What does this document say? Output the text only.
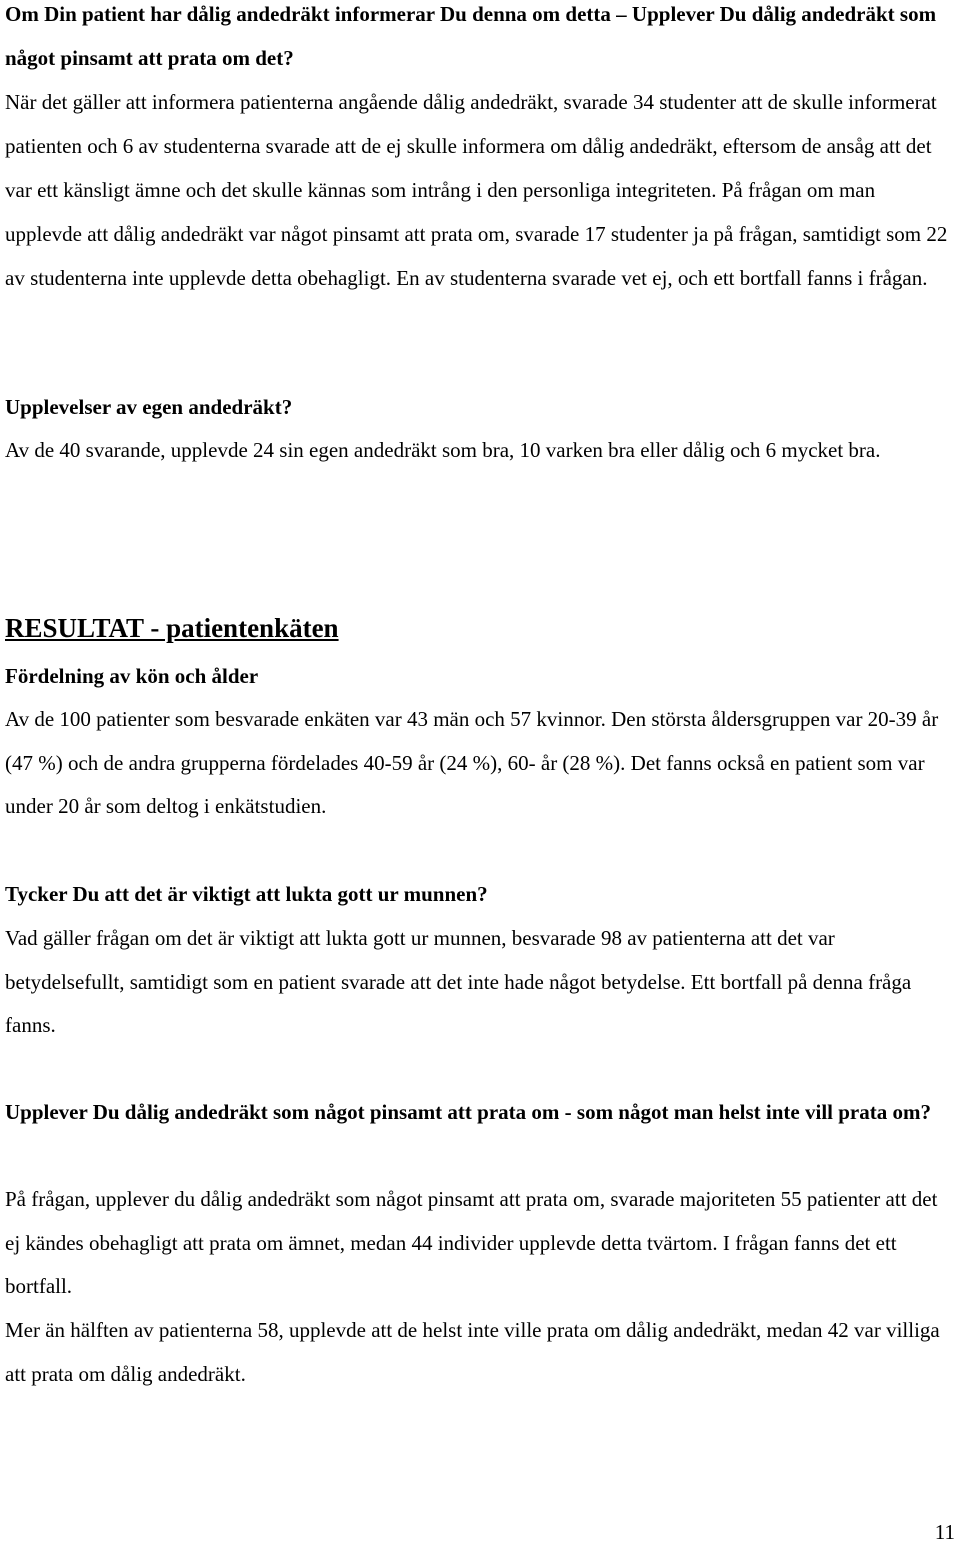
Om Din patient har dålig andedräkt informerar Du denna om detta – Upplever Du dålig andedräkt som något pinsamt att prata om det?
När det gäller att informera patienterna angående dålig andedräkt, svarade 34 studenter att de skulle informerat patienten och 6 av studenterna svarade att de ej skulle informera om dålig andedräkt, eftersom de ansåg att det var ett känsligt ämne och det skulle kännas som intrång i den personliga integriteten. På frågan om man upplevde att dålig andedräkt var något pinsamt att prata om, svarade 17 studenter ja på frågan, samtidigt som 22 av studenterna inte upplevde detta obehagligt. En av studenterna svarade vet ej, och ett bortfall fanns i frågan.

Upplevelser av egen andedräkt?

Av de 40 svarande, upplevde 24 sin egen andedräkt som bra, 10 varken bra eller dålig och 6 mycket bra.

RESULTAT - patientenkäten

Fördelning av kön och ålder

Av de 100 patienter som besvarade enkäten var 43 män och 57 kvinnor. Den största åldersgruppen var 20-39 år (47 %) och de andra grupperna fördelades 40-59 år (24 %), 60- år (28 %). Det fanns också en patient som var under 20 år som deltog i enkätstudien.

Tycker Du att det är viktigt att lukta gott ur munnen?

Vad gäller frågan om det är viktigt att lukta gott ur munnen, besvarade 98 av patienterna att det var betydelsefullt, samtidigt som en patient svarade att det inte hade något betydelse. Ett bortfall på denna fråga fanns.

Upplever Du dålig andedräkt som något pinsamt att prata om - som något man helst inte vill prata om?

På frågan, upplever du dålig andedräkt som något pinsamt att prata om, svarade majoriteten 55 patienter att det ej kändes obehagligt att prata om ämnet, medan 44 individer upplevde detta tvärtom. I frågan fanns det ett bortfall.

Mer än hälften av patienterna 58, upplevde att de helst inte ville prata om dålig andedräkt, medan 42 var villiga att prata om dålig andedräkt.

11
